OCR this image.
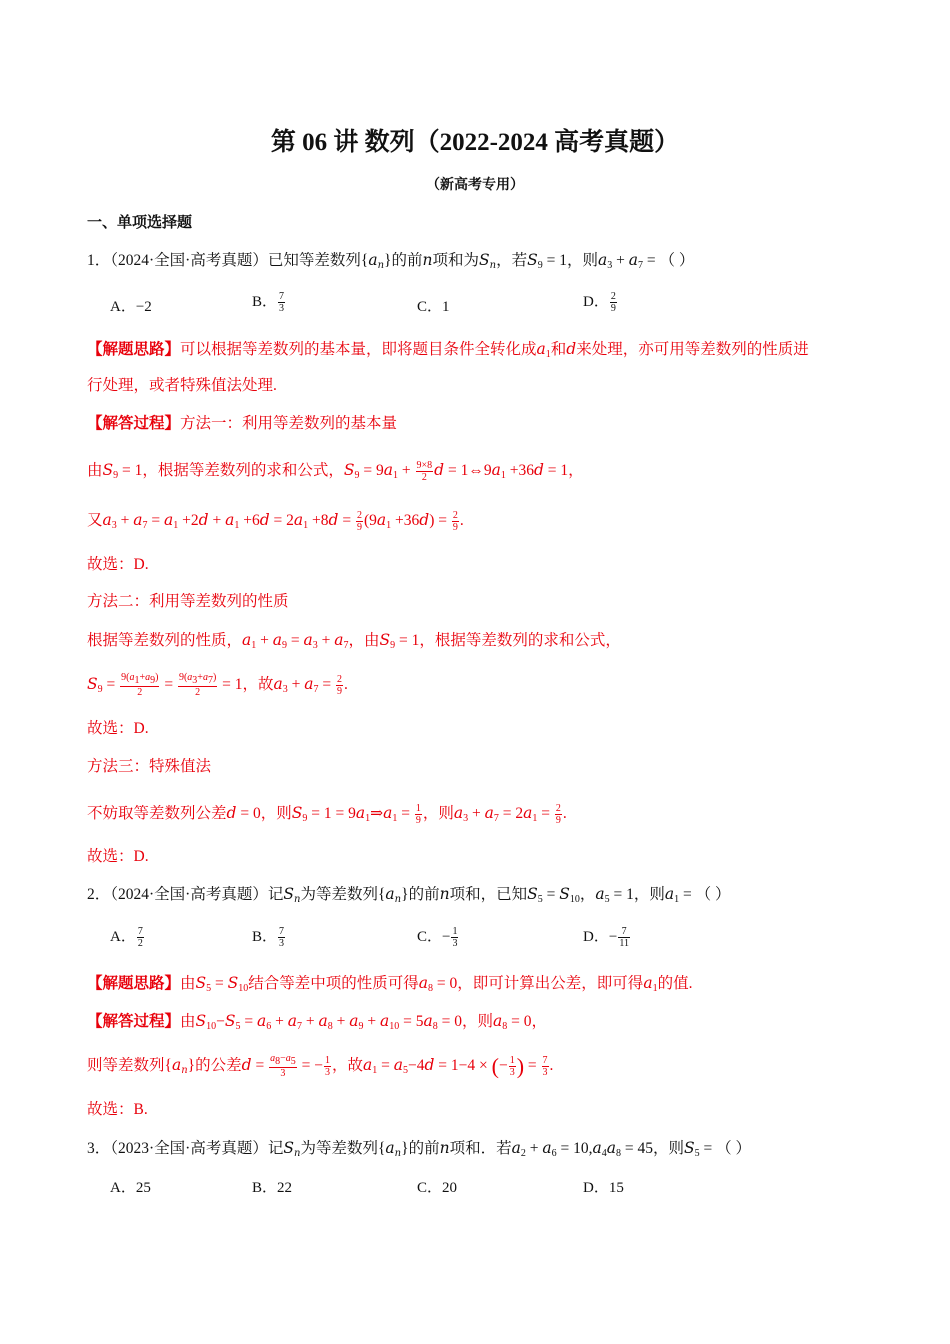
第 06 讲 数列（2022-2024 高考真题）
（新高考专用）
一、单项选择题
1．（2024·全国·高考真题）已知等差数列$\{a_n\}$的前n项和为$S_n$，若$S_9 = 1$，则$a_3 + a_7$ = （ ）
A．−2	B． $\frac{7}{3}$	C．1	D． $\frac{2}{9}$
【解题思路】可以根据等差数列的基本量，即将题目条件全转化成$a_1$和d来处理，亦可用等差数列的性质进
行处理，或者特殊值法处理.
【解答过程】方法一：利用等差数列的基本量
由$S_9 = 1$，根据等差数列的求和公式，$S_9 = 9a_1 + \frac{9\times 8}{2}$ $d = 1\Leftrightarrow 9a_1 +36d = 1$，
又$a_3 + a_7 = a_1 +2d + a_1 +6d = 2a_1 +8d = \frac{2}{9} (9a_1 +36d) = \frac{2}{9}$ .
故选：D.
方法二：利用等差数列的性质
根据等差数列的性质，$a_1 + a_9 = a_3 + a_7$，由$S_9 = 1$，根据等差数列的求和公式，
$S_9 = \frac{9(a_1+a_9)}{2} = \frac{9(a_3+a_7)}{2} = 1$，故$a_3 + a_7 = \frac{2}{9}$ .
故选：D.
方法三：特殊值法
不妨取等差数列公差d = 0，则$S_9 = 1$ = $9a_1\Rightarrow a_1 = \frac{1}{9}$ ，则$a_3 + a_7 = 2a_1 = \frac{2}{9}$ .
故选：D.
2．（2024·全国·高考真题）记$S_n$为等差数列$\{a_n\}$的前n项和，已知$S_5 = S_{10}$，$a_5 = 1$，则$a_1$ = （ ）
A． $\frac{7}{2}$	B． $\frac{7}{3}$	C．− $\frac{1}{3}$	D．− $\frac{7}{11}$
【解题思路】由$S_5 = S_{10}$结合等差中项的性质可得$a_8 = 0$，即可计算出公差，即可得$a_1$的值.
【解答过程】由$S_{10}-S_5 = a_6 + a_7 + a_8 + a_9 + a_{10} = 5a_8 = 0$，则$a_8 = 0$，
则等差数列$\{a_n\}$的公差$d = \frac{a_8-a_5}{3}$ = − $\frac{1}{3}$ ，故$a_1 = a_5-4d = 1-4$ × (− $\frac{1}{3}$ ) = $\frac{7}{3}$ .
故选：B.
3．（2023·全国·高考真题）记$S_n$为等差数列$\{a_n\}$的前n项和．若$a_2 + a_6 = 10,a_4a_8 = 45$，则$S_5$ = （ ）
A．25	B．22	C．20	D．15
